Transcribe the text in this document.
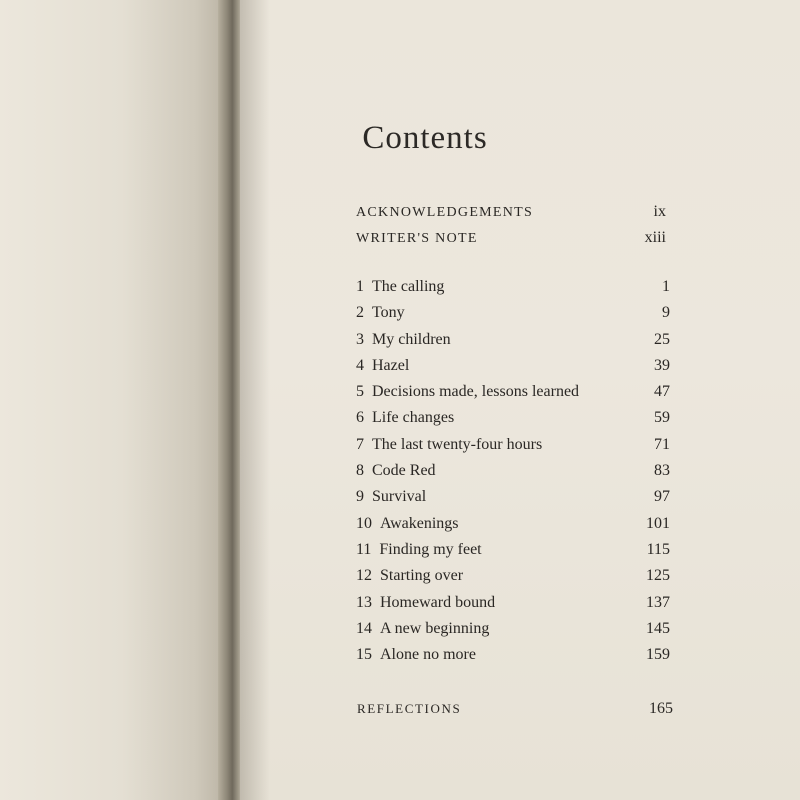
Contents
ACKNOWLEDGEMENTS	ix
WRITER'S NOTE	xiii
1 The calling	1
2 Tony	9
3 My children	25
4 Hazel	39
5 Decisions made, lessons learned	47
6 Life changes	59
7 The last twenty-four hours	71
8 Code Red	83
9 Survival	97
10 Awakenings	101
11 Finding my feet	115
12 Starting over	125
13 Homeward bound	137
14 A new beginning	145
15 Alone no more	159
REFLECTIONS	165
